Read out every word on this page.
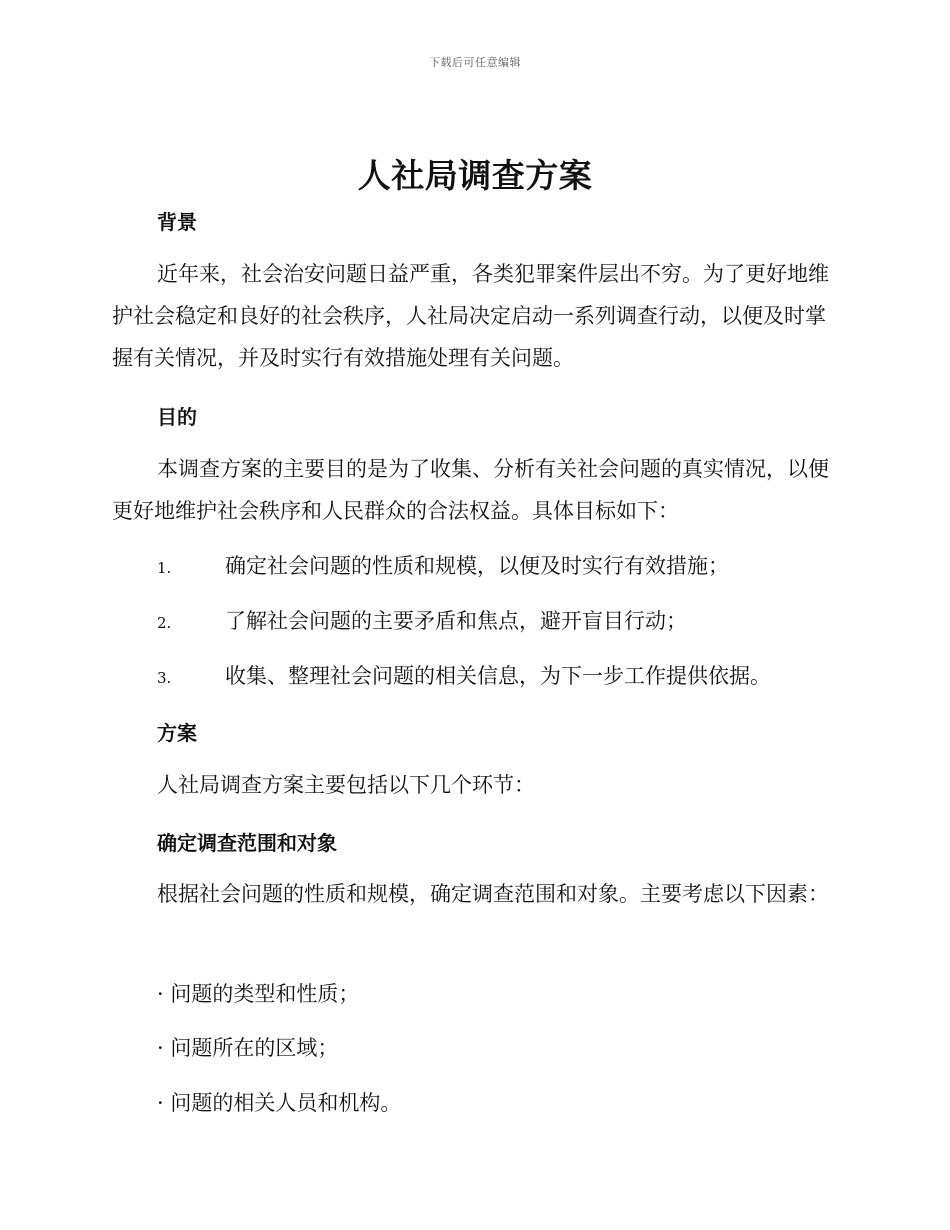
下载后可任意编辑
人社局调查方案
背景

近年来，社会治安问题日益严重，各类犯罪案件层出不穷。为了更好地维护社会稳定和良好的社会秩序，人社局决定启动一系列调查行动，以便及时掌握有关情况，并及时实行有效措施处理有关问题。

目的

本调查方案的主要目的是为了收集、分析有关社会问题的真实情况，以便更好地维护社会秩序和人民群众的合法权益。具体目标如下：

1.	确定社会问题的性质和规模，以便及时实行有效措施；
2.	了解社会问题的主要矛盾和焦点，避开盲目行动；
3.	收集、整理社会问题的相关信息，为下一步工作提供依据。
方案

人社局调查方案主要包括以下几个环节：

确定调查范围和对象

根据社会问题的性质和规模，确定调查范围和对象。主要考虑以下因素：

· 问题的类型和性质；

· 问题所在的区域；

· 问题的相关人员和机构。
